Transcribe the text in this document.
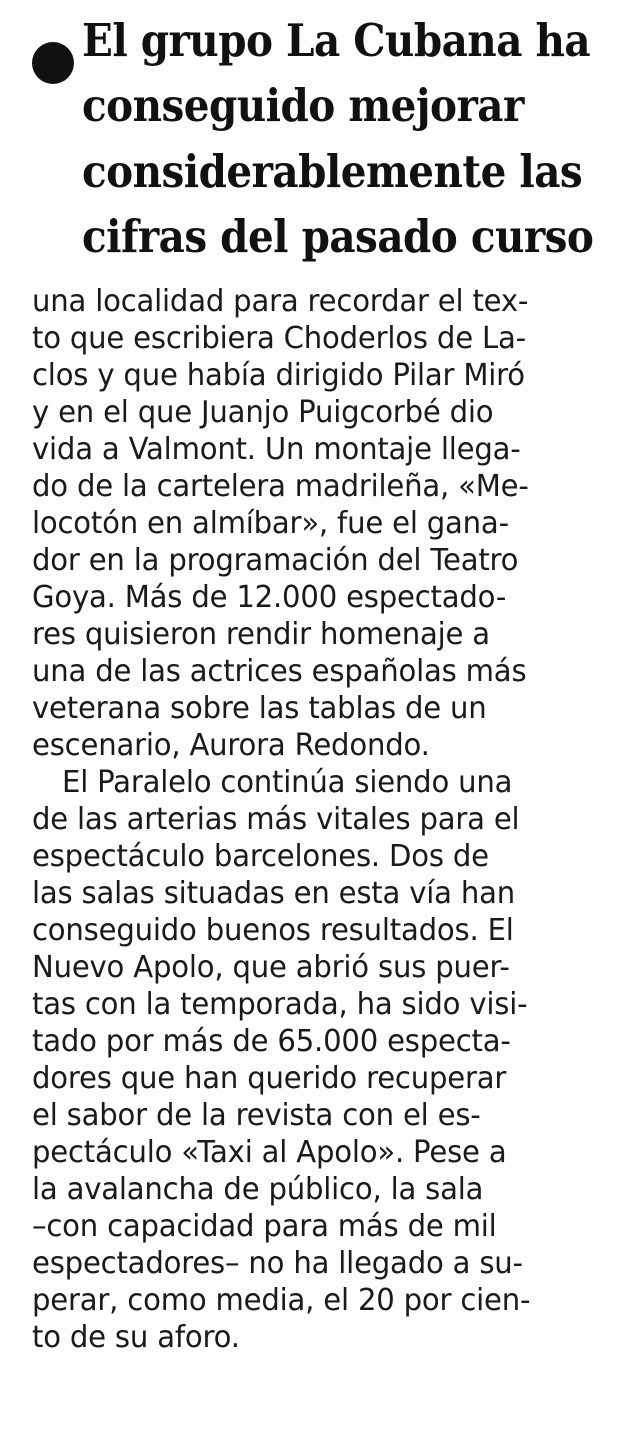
El grupo La Cubana ha
conseguido mejorar
considerablemente las
cifras del pasado curso
una localidad para recordar el tex-
to que escribiera Choderlos de La-
clos y que había dirigido Pilar Miró
y en el que Juanjo Puigcorbé dio
vida a Valmont. Un montaje llega-
do de la cartelera madrileña, «Me-
locotón en almíbar», fue el gana-
dor en la programación del Teatro
Goya. Más de 12.000 espectado-
res quisieron rendir homenaje a
una de las actrices españolas más
veterana sobre las tablas de un
escenario, Aurora Redondo.
El Paralelo continúa siendo una
de las arterias más vitales para el
espectáculo barcelones. Dos de
las salas situadas en esta vía han
conseguido buenos resultados. El
Nuevo Apolo, que abrió sus puer-
tas con la temporada, ha sido visi-
tado por más de 65.000 especta-
dores que han querido recuperar
el sabor de la revista con el es-
pectáculo «Taxi al Apolo». Pese a
la avalancha de público, la sala
–con capacidad para más de mil
espectadores– no ha llegado a su-
perar, como media, el 20 por cien-
to de su aforo.
